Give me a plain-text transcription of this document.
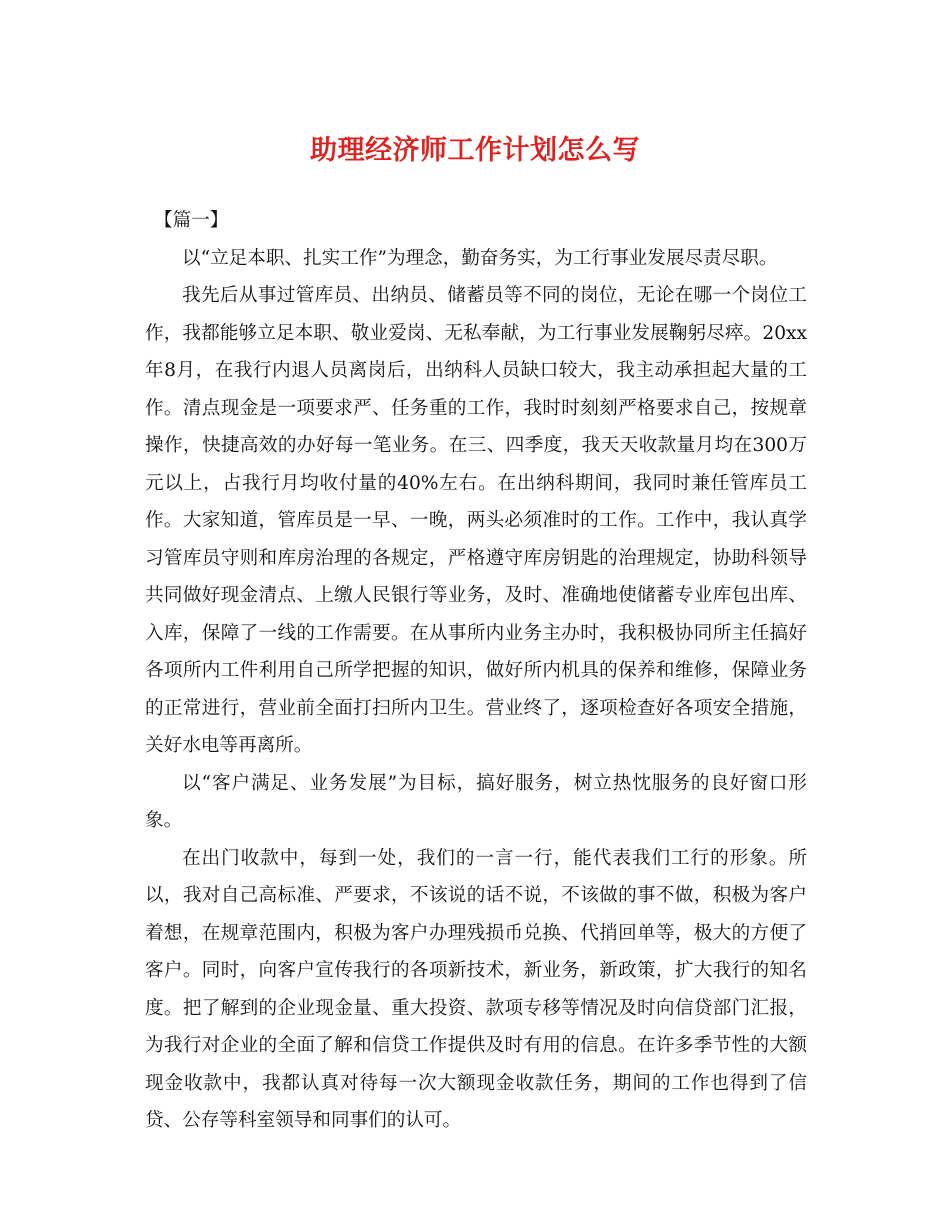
助理经济师工作计划怎么写

【篇一】

以“立足本职、扎实工作”为理念，勤奋务实，为工行事业发展尽责尽职。

我先后从事过管库员、出纳员、储蓄员等不同的岗位，无论在哪一个岗位工作，我都能够立足本职、敬业爱岗、无私奉献，为工行事业发展鞠躬尽瘁。20xx年8月，在我行内退人员离岗后，出纳科人员缺口较大，我主动承担起大量的工作。清点现金是一项要求严、任务重的工作，我时时刻刻严格要求自己，按规章操作，快捷高效的办好每一笔业务。在三、四季度，我天天收款量月均在300万元以上，占我行月均收付量的40%左右。在出纳科期间，我同时兼任管库员工作。大家知道，管库员是一早、一晚，两头必须准时的工作。工作中，我认真学习管库员守则和库房治理的各规定，严格遵守库房钥匙的治理规定，协助科领导共同做好现金清点、上缴人民银行等业务，及时、准确地使储蓄专业库包出库、入库，保障了一线的工作需要。在从事所内业务主办时，我积极协同所主任搞好各项所内工件利用自己所学把握的知识，做好所内机具的保养和维修，保障业务的正常进行，营业前全面打扫所内卫生。营业终了，逐项检查好各项安全措施，关好水电等再离所。

以“客户满足、业务发展”为目标，搞好服务，树立热忱服务的良好窗口形象。

在出门收款中，每到一处，我们的一言一行，能代表我们工行的形象。所以，我对自己高标准、严要求，不该说的话不说，不该做的事不做，积极为客户着想，在规章范围内，积极为客户办理残损币兑换、代捎回单等，极大的方便了客户。同时，向客户宣传我行的各项新技术，新业务，新政策，扩大我行的知名度。把了解到的企业现金量、重大投资、款项专移等情况及时向信贷部门汇报，为我行对企业的全面了解和信贷工作提供及时有用的信息。在许多季节性的大额现金收款中，我都认真对待每一次大额现金收款任务，期间的工作也得到了信贷、公存等科室领导和同事们的认可。
